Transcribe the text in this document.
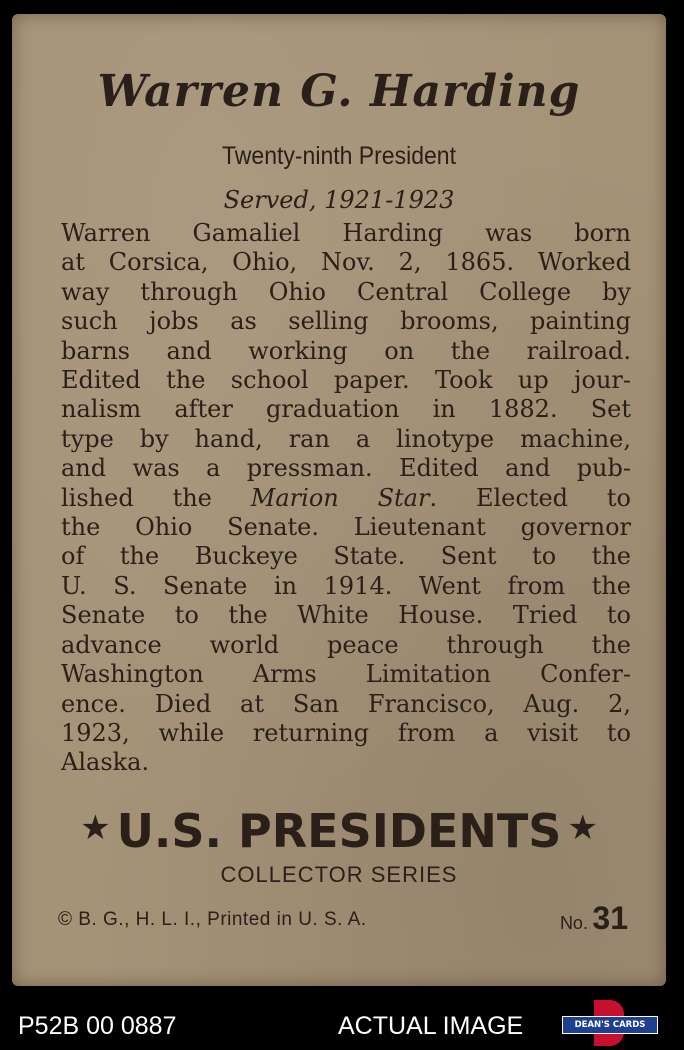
Warren G. Harding
Twenty-ninth President
Served, 1921-1923
Warren Gamaliel Harding was born
at Corsica, Ohio, Nov. 2, 1865. Worked
way through Ohio Central College by
such jobs as selling brooms, painting
barns and working on the railroad.
Edited the school paper. Took up jour-
nalism after graduation in 1882. Set
type by hand, ran a linotype machine,
and was a pressman. Edited and pub-
lished the Marion Star. Elected to
the Ohio Senate. Lieutenant governor
of the Buckeye State. Sent to the
U. S. Senate in 1914. Went from the
Senate to the White House. Tried to
advance world peace through the
Washington Arms Limitation Confer-
ence. Died at San Francisco, Aug. 2,
1923, while returning from a visit to
Alaska.
★ U.S. PRESIDENTS ★
COLLECTOR SERIES
© B. G., H. L. I., Printed in U. S. A.	No. 31
P52B 00 0887	ACTUAL IMAGE	DEAN'S CARDS
